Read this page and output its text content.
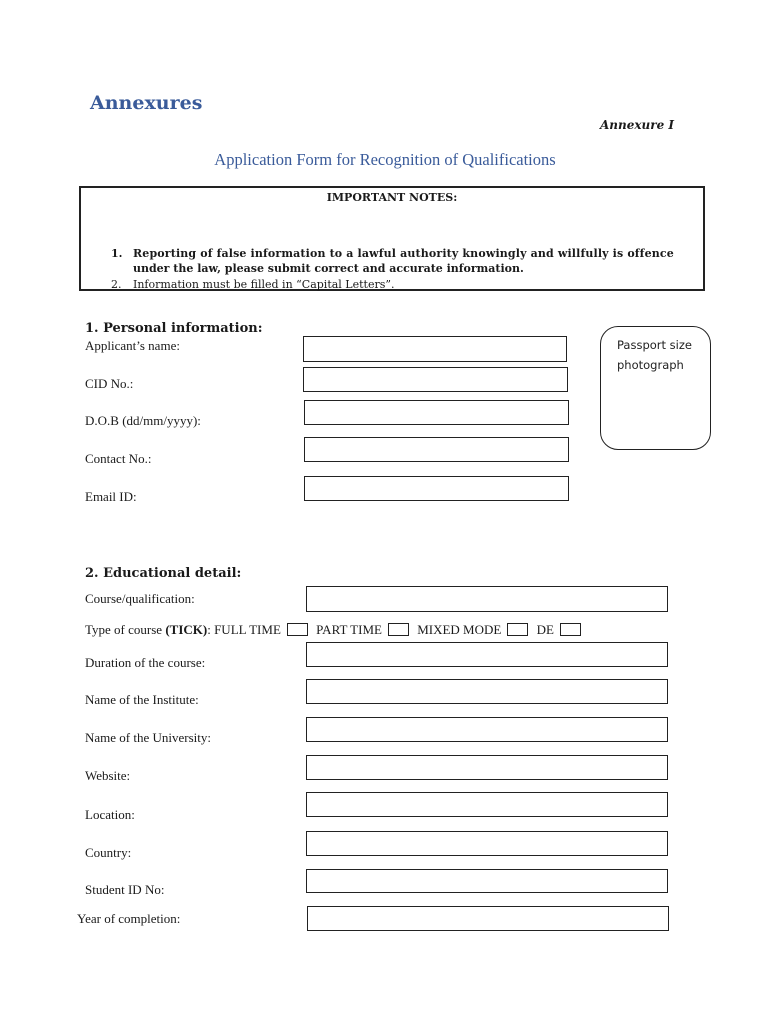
Annexures
Annexure I
Application Form for Recognition of Qualifications
IMPORTANT NOTES:
1. Reporting of false information to a lawful authority knowingly and willfully is offence
under the law, please submit correct and accurate information.
2. Information must be filled in “Capital Letters”.
1. Personal information:
Applicant’s name:
CID No.:
D.O.B (dd/mm/yyyy):
Contact No.:
Email ID:
Passport size photograph
2. Educational detail:
Course/qualification:
Type of course (TICK): FULL TIME	PART TIME	MIXED MODE	DE
Duration of the course:
Name of the Institute:
Name of the University:
Website:
Location:
Country:
Student ID No:
Year of completion:
